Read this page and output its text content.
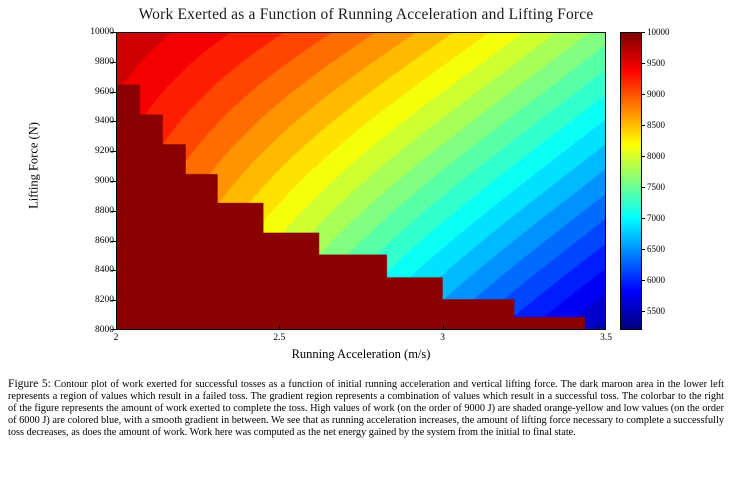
Work Exerted as a Function of Running Acceleration and Lifting Force
8000
8200
8400
8600
8800
9000
9200
9400
9600
9800
10000
Lifting Force (N)
2	2.5	3	3.5
Running Acceleration (m/s)
5500
6000
6500
7000
7500
8000
8500
9000
9500
10000
Figure 5: Contour plot of work exerted for successful tosses as a function of initial running acceleration and vertical lifting force. The dark maroon area in the lower left represents a region of values which result in a failed toss. The gradient region represents a combination of values which result in a successful toss. The colorbar to the right of the figure represents the amount of work exerted to complete the toss. High values of work (on the order of 9000 J) are shaded orange-yellow and low values (on the order of 6000 J) are colored blue, with a smooth gradient in between. We see that as running acceleration increases, the amount of lifting force necessary to complete a successfully toss decreases, as does the amount of work. Work here was computed as the net energy gained by the system from the initial to final state.
